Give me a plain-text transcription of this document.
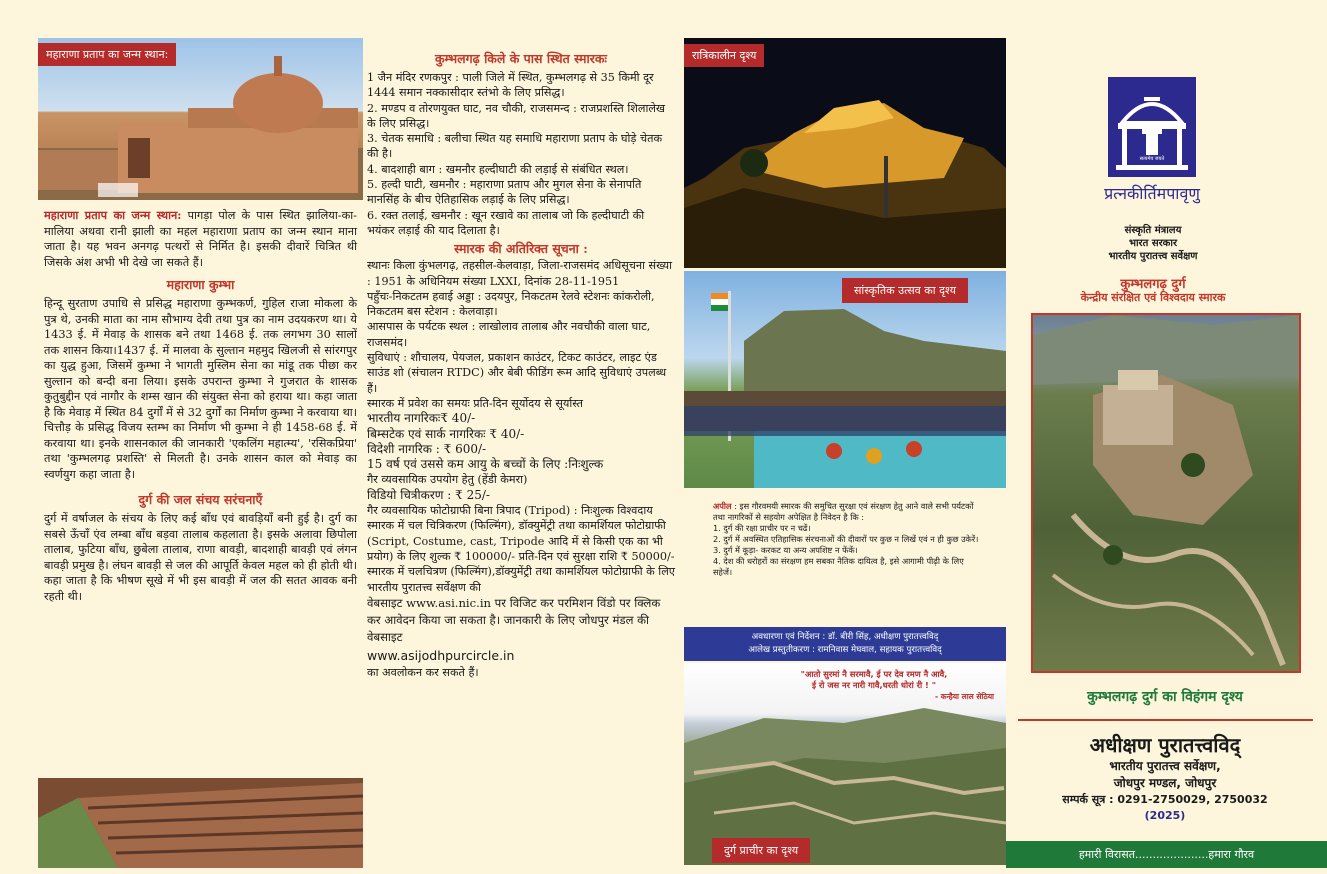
महाराणा प्रताप का जन्म स्थान:

महाराणा प्रताप का जन्म स्थान: पागड़ा पोल के पास स्थित झालिया-का-मालिया अथवा रानी झाली का महल महाराणा प्रताप का जन्म स्थान माना जाता है। यह भवन अनगढ़ पत्थरों से निर्मित है। इसकी दीवारें चित्रित थी जिसके अंश अभी भी देखे जा सकते हैं।

महाराणा कुम्भा

हिन्दू सुरताण उपाधि से प्रसिद्ध महाराणा कुम्भकर्ण, गुहिल राजा मोकला के पुत्र थे, उनकी माता का नाम सौभाग्य देवी तथा पुत्र का नाम उदयकरण था। ये 1433 ई. में मेवाड़ के शासक बने तथा 1468 ई. तक लगभग 30 सालों तक शासन किया।1437 ई. में मालवा के सुल्तान महमुद खिलजी से सांरगपुर का युद्ध हुआ, जिसमें कुम्भा ने भागती मुस्लिम सेना का मांडू तक पीछा कर सुल्तान को बन्दी बना लिया। इसके उपरान्त कुम्भा ने गुजरात के शासक कुतुबुद्दीन एवं नागौर के शम्स खान की संयुक्त सेना को हराया था। कहा जाता है कि मेवाड़ में स्थित 84 दुर्गों में से 32 दुर्गों का निर्माण कुम्भा ने करवाया था। चित्तौड़ के प्रसिद्ध विजय स्तम्भ का निर्माण भी कुम्भा ने ही 1458-68 ई. में करवाया था। इनके शासनकाल की जानकारी 'एकलिंग महात्म्य', 'रसिकप्रिया' तथा 'कुम्भलगढ़ प्रशस्ति' से मिलती है। उनके शासन काल को मेवाड़ का स्वर्णयुग कहा जाता है।

दुर्ग की जल संचय सरंचनाएँ

दुर्ग में वर्षाजल के संचय के लिए कई बाँध एवं बावड़ियाँ बनी हुई है। दुर्ग का सबसे ऊँचाँ एंव लम्बा बाँध बड़वा तालाब कहलाता है। इसके अलावा छिपोला तालाब, फुटिया बाँध, छुबेला तालाब, राणा बावड़ी, बादशाही बावड़ी एवं लंगन बावड़ी प्रमुख है। लंघन बावड़ी से जल की आपूर्ति केवल महल को ही होती थी। कहा जाता है कि भीषण सूखे में भी इस बावड़ी में जल की सतत आवक बनी रहती थी।

कुम्भलगढ़ किले के पास स्थित स्मारकः

1 जैन मंदिर रणकपुर : पाली जिले में स्थित, कुम्भलगढ़ से 35 किमी दूर 1444 समान नक्कासीदार स्तंभो के लिए प्रसिद्ध।

2. मण्डप व तोरणयुक्त घाट, नव चौकी, राजसमन्द : राजप्रशस्ति शिलालेख के लिए प्रसिद्ध।

3. चेतक समाधि : बलीचा स्थित यह समाधि महाराणा प्रताप के घोड़े चेतक की है।

4. बादशाही बाग : खमनौर हल्दीघाटी की लड़ाई से संबंधित स्थल।

5. हल्दी घाटी, खमनौर : महाराणा प्रताप और मुगल सेना के सेनापति मानसिंह के बीच ऐतिहासिक लड़ाई के लिए प्रसिद्ध।

6. रक्त तलाई, खमनौर : खून रखावे का तालाब जो कि हल्दीघाटी की भयंकर लड़ाई की याद दिलाता है।

स्मारक की अतिरिक्त सूचना :

स्थानः किला कुंभलगढ़, तहसील-केलवाड़ा, जिला-राजसमंद अधिसूचना संख्या : 1951 के अधिनियम संख्या LXXI, दिनांक 28-11-1951

पहुँचः-निकटतम हवाई अड्डा : उदयपुर, निकटतम रेलवे स्टेशनः कांकरोली, निकटतम बस स्टेशन : केलवाड़ा।

आसपास के पर्यटक स्थल : लाखोलाव तालाब और नवचौकी वाला घाट, राजसमंद।

सुविधाएं : शौचालय, पेयजल, प्रकाशन काउंटर, टिकट काउंटर, लाइट एंड साउंड शो (संचालन RTDC) और बेबी फीडिंग रूम आदि सुविधाएं उपलब्ध हैं।

स्मारक में प्रवेश का समयः प्रति-दिन सूर्योदय से सूर्यास्त

भारतीय नागरिकः₹ 40/-

बिम्सटेक एवं सार्क नागरिकः ₹ 40/-

विदेशी नागरिक : ₹ 600/-

15 वर्ष एवं उससे कम आयु के बच्चों के लिए :निःशुल्क

गैर व्यवसायिक उपयोग हेतु (हेंडी केमरा)

विडियो चित्रीकरण : ₹ 25/-

गैर व्यवसायिक फोटोग्राफी बिना त्रिपाद (Tripod) : निःशुल्क विश्वदाय स्मारक में चल चित्रिकरण (फिल्मिंग), डॉक्युमेंट्री तथा कामर्शियल फोटोग्राफी (Script, Costume, cast, Tripode आदि में से किसी एक का भी प्रयोग) के लिए शुल्क ₹ 100000/- प्रति-दिन एवं सुरक्षा राशि ₹ 50000/- स्मारक में चलचित्रण (फिल्मिंग),डॉक्युमेंट्री तथा कामर्शियल फोटोग्राफी के लिए भारतीय पुरातत्त्व सर्वेक्षण की

वेबसाइट www.asi.nic.in पर विजिट कर परमिशन विंडो पर क्लिक कर आवेदन किया जा सकता है। जानकारी के लिए जोधपुर मंडल की वेबसाइट

www.asijodhpurcircle.in

का अवलोकन कर सकते हैं।

रात्रिकालीन दृश्य
सांस्कृतिक उत्सव का दृश्य

अपील : इस गौरवमयी स्मारक की समुचित सुरक्षा एवं संरक्षण हेतु आने वाले सभी पर्यटकों तथा नागरिकों से सहयोग अपेक्षित है निवेदन है कि :

1. दुर्ग की रक्षा प्राचीर पर न चढें।

2. दुर्ग में अवस्थित एतिहासिक संरचनाओं की दीवारों पर कुछ न लिखें एवं न ही कुछ उकेरें।

3. दुर्ग में कूड़ा- करकट या अन्य अपशिष्ट न फेंकें।

4. देश की धरोहरों का संरक्षण हम सबका नैतिक दायित्व है, इसे आगामी पीढ़ी के लिए सहेजें।

अवधारणा एवं निर्देशन : डॉ. बीरी सिंह, अधीक्षण पुरातत्त्वविद्
आलेख प्रस्तुतीकरण : रामनिवास मेघवाल, सहायक पुरातत्त्वविद्
"आतो सुरमां नै सरमावै, ई पर देव रमण नै आवै,
ई रो जस नर नारी गावै,धरती धोरां री ! "
- कन्हैया लाल सेठिया
दुर्ग प्राचीर का दृश्य
सत्यमेव जयते
प्रत्नकीर्तिमपावृणु
संस्कृति मंत्रालय
भारत सरकार
भारतीय पुरातत्त्व सर्वेक्षण
कुम्भलगढ़ दुर्ग
केन्द्रीय संरक्षित एवं विश्वदाय स्मारक
कुम्भलगढ़ दुर्ग का विहंगम दृश्य
अधीक्षण पुरातत्त्वविद्
भारतीय पुरातत्त्व सर्वेक्षण,
जोधपुर मण्डल, जोधपुर
सम्पर्क सूत्र : 0291-2750029, 2750032
(2025)
हमारी विरासत.....................हमारा गौरव
